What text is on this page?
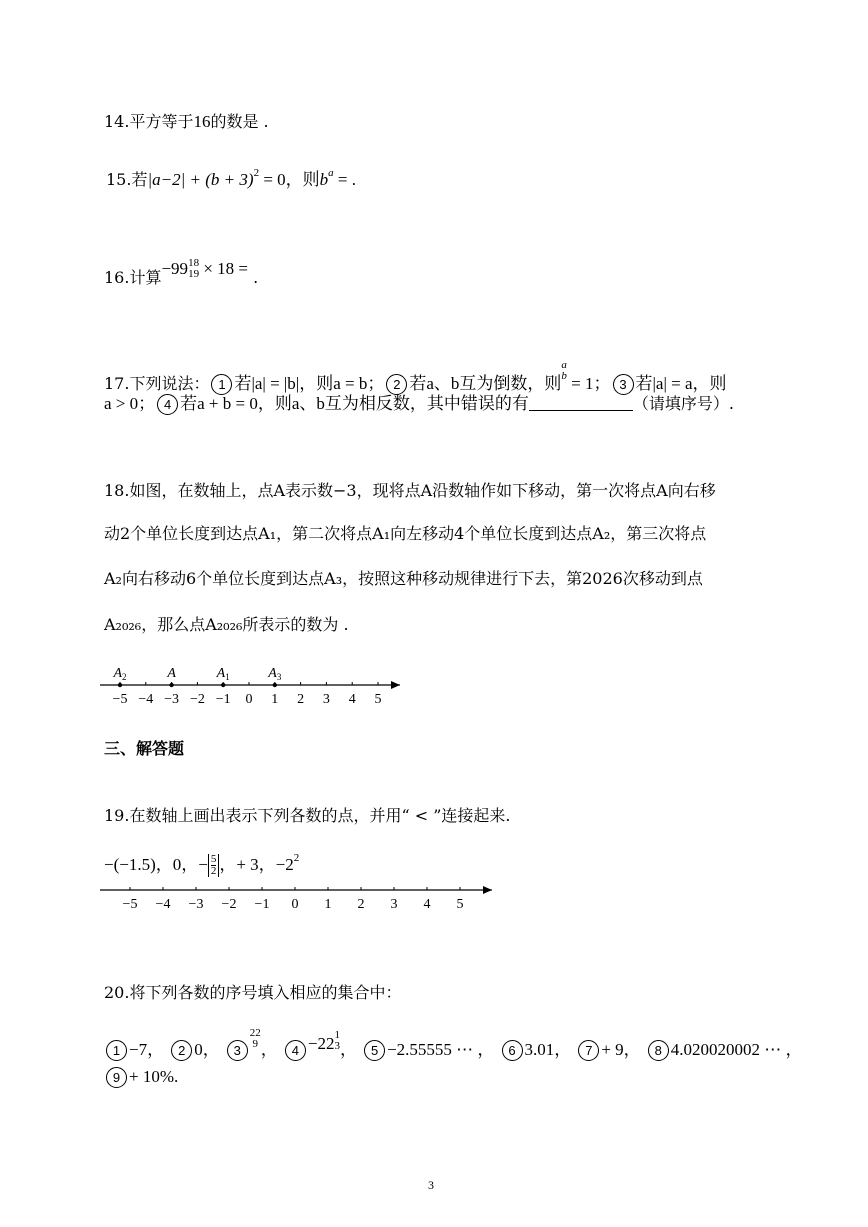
14.平方等于16的数是 .
15.若$|a-2| + (b + 3)^2 = 0$，则$b^a$ = .
16.计算−99 18
19 × 18 = .
17.下列说法： 1 若|a| = |b|，则a = b； 2 若a、b互为倒数，则
a
b = 1； 3 若|a| = a，则
a > 0； 4 若a + b = 0，则a、b互为相反数，其中错误的有	（请填序号）.
18.如图，在数轴上，点A表示数−3，现将点A沿数轴作如下移动，第一次将点A向右移
动2个单位长度到达点A₁，第二次将点A₁向左移动4个单位长度到达点A₂，第三次将点
A₂向右移动6个单位长度到达点A₃，按照这种移动规律进行下去，第2026次移动到点
A₂₀₂₆，那么点A₂₀₂₆所表示的数为 .
−5 −4 −3 −2 −1 0 1 2 3 4 5
$A_2$	A	$A_1$	$A_3$
三、解答题
19.在数轴上画出表示下列各数的点，并用“ < ”连接起来.
−(−1.5)，0，− $\frac{5}{2}$ ，+ 3，$-2^2$
−5 −4 −3 −2 −1 0 1 2 3 4 5
20.将下列各数的序号填入相应的集合中：
1 −7， 2 0， 3
22
9 ， 4 −22 1
3 ， 5 −2.55555 ⋯ ， 6 3.01， 7 + 9， 8 4.020020002 ⋯ ，
9 + 10%.
3
